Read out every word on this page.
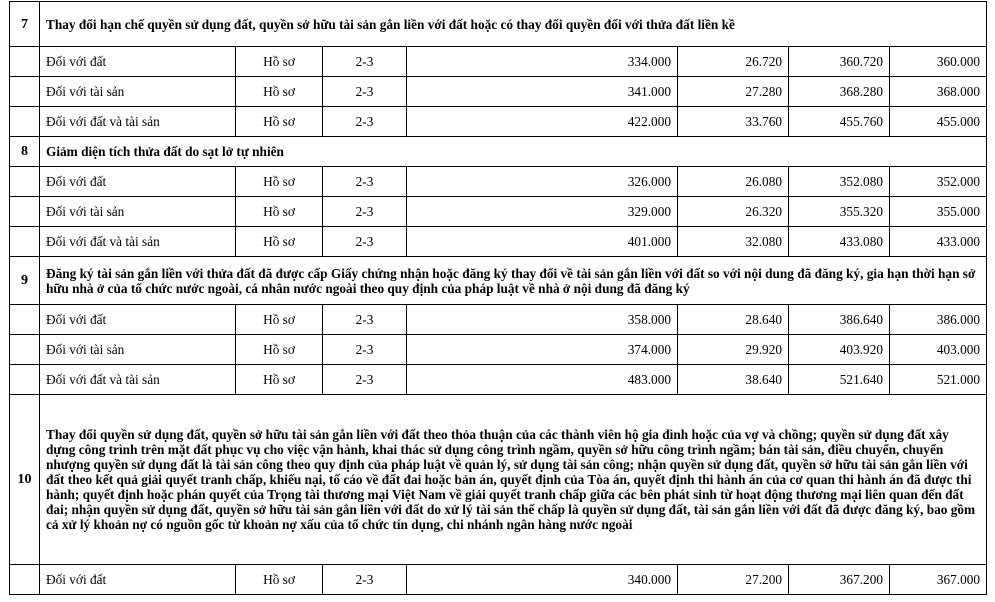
7	Thay đổi hạn chế quyền sử dụng đất, quyền sở hữu tài sản gắn liền với đất hoặc có thay đổi quyền đối với thửa đất liền kề						
	Đối với đất	Hồ sơ	2-3	334.000	26.720	360.720	360.000
	Đối với tài sản	Hồ sơ	2-3	341.000	27.280	368.280	368.000
	Đối với đất và tài sản	Hồ sơ	2-3	422.000	33.760	455.760	455.000
8	Giảm diện tích thửa đất do sạt lở tự nhiên						
	Đối với đất	Hồ sơ	2-3	326.000	26.080	352.080	352.000
	Đối với tài sản	Hồ sơ	2-3	329.000	26.320	355.320	355.000
	Đối với đất và tài sản	Hồ sơ	2-3	401.000	32.080	433.080	433.000
9	Đăng ký tài sản gắn liền với thửa đất đã được cấp Giấy chứng nhận hoặc đăng ký thay đổi về tài sản gắn liền với đất so với nội dung đã đăng ký, gia hạn thời hạn sở hữu nhà ở của tổ chức nước ngoài, cá nhân nước ngoài theo quy định của pháp luật về nhà ở nội dung đã đăng ký						
	Đối với đất	Hồ sơ	2-3	358.000	28.640	386.640	386.000
	Đối với tài sản	Hồ sơ	2-3	374.000	29.920	403.920	403.000
	Đối với đất và tài sản	Hồ sơ	2-3	483.000	38.640	521.640	521.000
10	Thay đổi quyền sử dụng đất, quyền sở hữu tài sản gắn liền với đất theo thỏa thuận của các thành viên hộ gia đình hoặc của vợ và chồng; quyền sử dụng đất xây dựng công trình trên mặt đất phục vụ cho việc vận hành, khai thác sử dụng công trình ngầm, quyền sở hữu công trình ngầm; bán tài sản, điều chuyển, chuyển nhượng quyền sử dụng đất là tài sản công theo quy định của pháp luật về quản lý, sử dụng tài sản công; nhận quyền sử dụng đất, quyền sở hữu tài sản gắn liền với đất theo kết quả giải quyết tranh chấp, khiếu nại, tố cáo về đất đai hoặc bản án, quyết định của Tòa án, quyết định thi hành án của cơ quan thi hành án đã được thi hành; quyết định hoặc phán quyết của Trọng tài thương mại Việt Nam về giải quyết tranh chấp giữa các bên phát sinh từ hoạt động thương mại liên quan đến đất đai; nhận quyền sử dụng đất, quyền sở hữu tài sản gắn liền với đất do xử lý tài sản thế chấp là quyền sử dụng đất, tài sản gắn liền với đất đã được đăng ký, bao gồm cả xử lý khoản nợ có nguồn gốc từ khoản nợ xấu của tổ chức tín dụng, chi nhánh ngân hàng nước ngoài						
	Đối với đất	Hồ sơ	2-3	340.000	27.200	367.200	367.000
